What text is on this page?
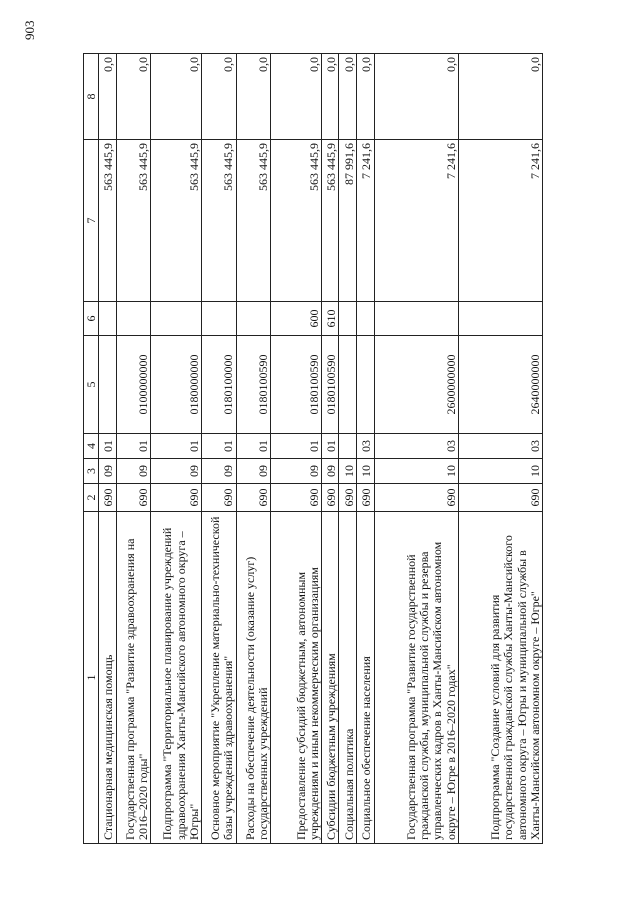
903
1	2	3	4	5	6	7	8
Стационарная медицинская помощь	690	09	01			563 445,9	0,0
Государственная программа "Развитие здравоохранения на 2016–2020 годы"	690	09	01	0100000000		563 445,9	0,0
Подпрограмма "Территориальное планирование учреждений здравоохранения Ханты-Мансийского автономного округа – Югры"	690	09	01	0180000000		563 445,9	0,0
Основное мероприятие "Укрепление материально-технической базы учреждений здравоохранения"	690	09	01	0180100000		563 445,9	0,0
Расходы на обеспечение деятельности (оказание услуг) государственных учреждений	690	09	01	0180100590		563 445,9	0,0
Предоставление субсидий бюджетным, автономным учреждениям и иным некоммерческим организациям	690	09	01	0180100590	600	563 445,9	0,0
Субсидии бюджетным учреждениям	690	09	01	0180100590	610	563 445,9	0,0
Социальная политика	690	10				87 991,6	0,0
Социальное обеспечение населения	690	10	03			7 241,6	0,0
Государственная программа "Развитие государственной гражданской службы, муниципальной службы и резерва управленческих кадров в Ханты-Мансийском автономном округе – Югре в 2016–2020 годах"	690	10	03	2600000000		7 241,6	0,0
Подпрограмма "Создание условий для развития государственной гражданской службы Ханты-Мансийского автономного округа – Югры и муниципальной службы в Ханты-Мансийском автономном округе – Югре"	690	10	03	2640000000		7 241,6	0,0
